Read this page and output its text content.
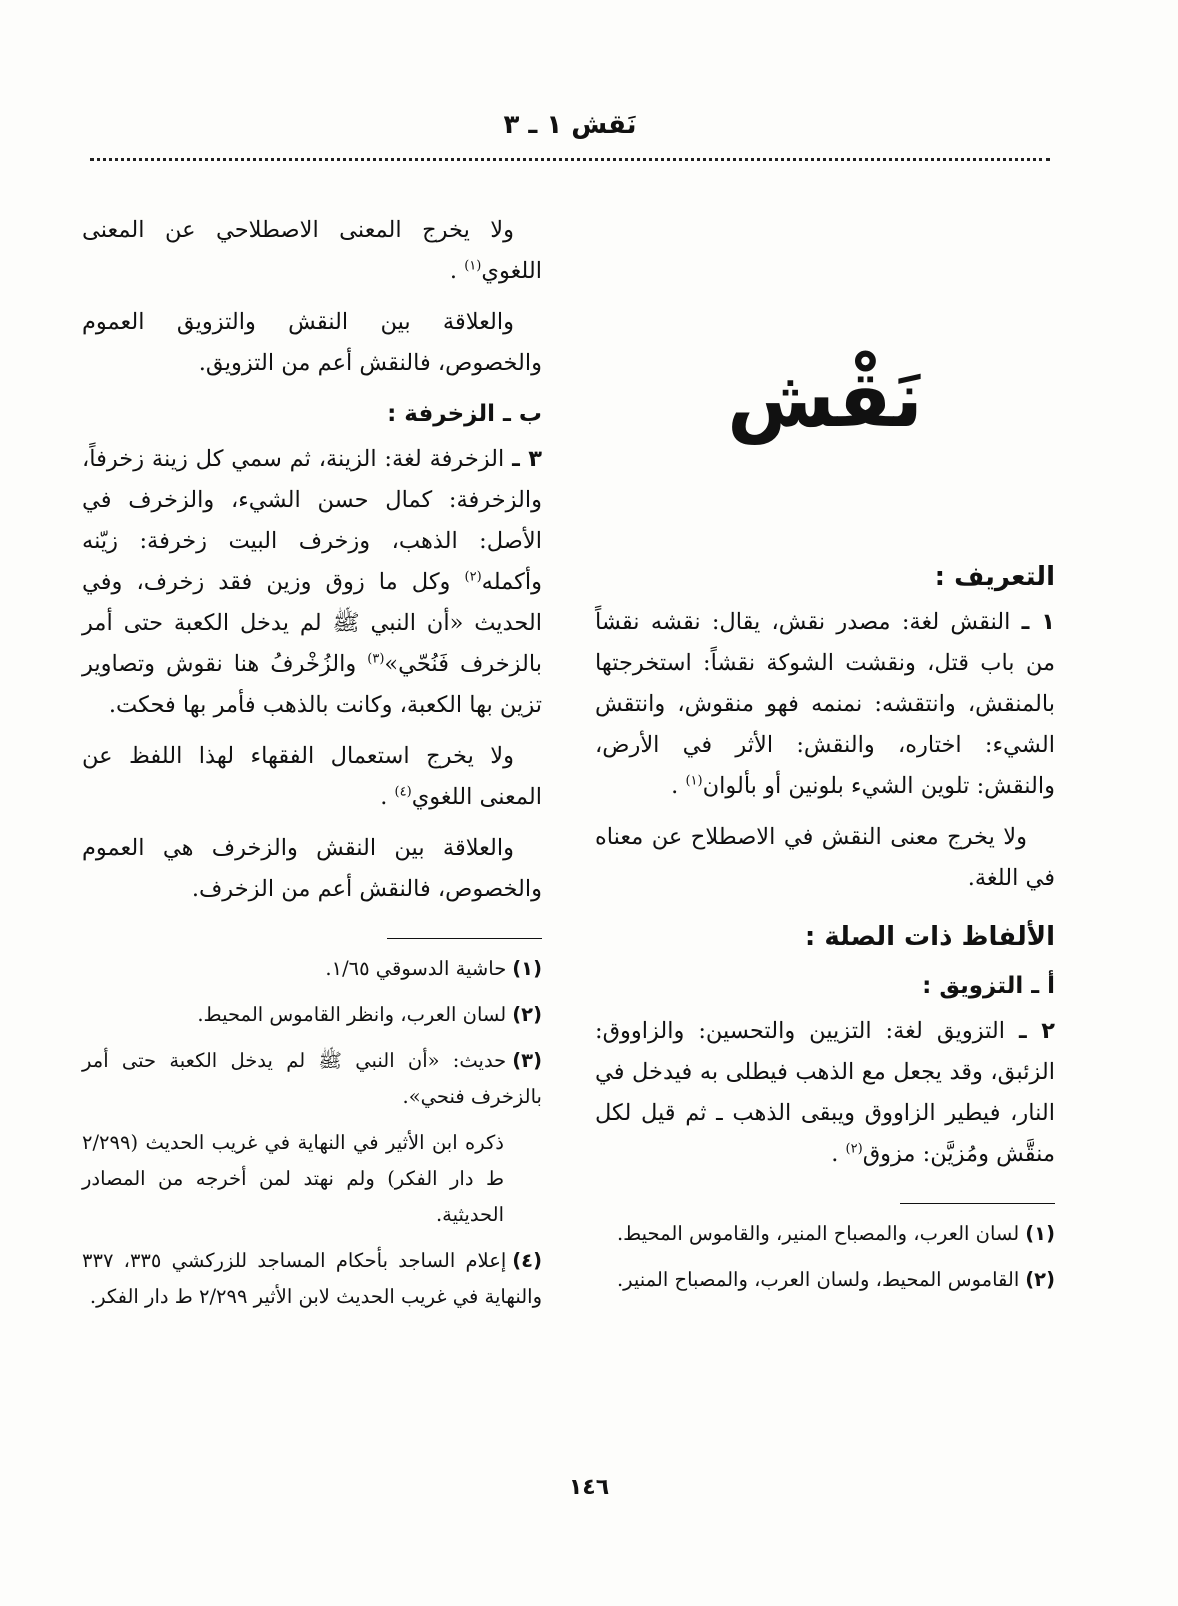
نَقش ١ ـ ٣
نَقْش
التعريف :

١ ـ النقش لغة: مصدر نقش، يقال: نقشه نقشاً من باب قتل، ونقشت الشوكة نقشاً: استخرجتها بالمنقش، وانتقشه: نمنمه فهو منقوش، وانتقش الشيء: اختاره، والنقش: الأثر في الأرض، والنقش: تلوين الشيء بلونين أو بألوان$^{(١)}$ .

ولا يخرج معنى النقش في الاصطلاح عن معناه في اللغة.

الألفاظ ذات الصلة :
أ ـ التزويق :

٢ ـ التزويق لغة: التزيين والتحسين: والزاووق: الزئبق، وقد يجعل مع الذهب فيطلى به فيدخل في النار، فيطير الزاووق ويبقى الذهب ـ ثم قيل لكل منقَّش ومُزيَّن: مزوق$^{(٢)}$ .

(١)لسان العرب، والمصباح المنير، والقاموس المحيط.

(٢)القاموس المحيط، ولسان العرب، والمصباح المنير.

ولا يخرج المعنى الاصطلاحي عن المعنى اللغوي$^{(١)}$ .

والعلاقة بين النقش والتزويق العموم والخصوص، فالنقش أعم من التزويق.

ب ـ الزخرفة :

٣ ـ الزخرفة لغة: الزينة، ثم سمي كل زينة زخرفاً، والزخرفة: كمال حسن الشيء، والزخرف في الأصل: الذهب، وزخرف البيت زخرفة: زيّنه وأكمله$^{(٢)}$ وكل ما زوق وزين فقد زخرف، وفي الحديث «أن النبي ﷺ لم يدخل الكعبة حتى أمر بالزخرف فَنُحّي»$^{(٣)}$ والزُخْرفُ هنا نقوش وتصاوير تزين بها الكعبة، وكانت بالذهب فأمر بها فحكت.

ولا يخرج استعمال الفقهاء لهذا اللفظ عن المعنى اللغوي$^{(٤)}$ .

والعلاقة بين النقش والزخرف هي العموم والخصوص، فالنقش أعم من الزخرف.

(١)حاشية الدسوقي ١/٦٥.

(٢)لسان العرب، وانظر القاموس المحيط.

(٣)حديث: «أن النبي ﷺ لم يدخل الكعبة حتى أمر بالزخرف فنحي».

ذكره ابن الأثير في النهاية في غريب الحديث (٢/٢٩٩ ط دار الفكر) ولم نهتد لمن أخرجه من المصادر الحديثية.

(٤)إعلام الساجد بأحكام المساجد للزركشي ٣٣٥، ٣٣٧ والنهاية في غريب الحديث لابن الأثير ٢/٢٩٩ ط دار الفكر.

١٤٦
